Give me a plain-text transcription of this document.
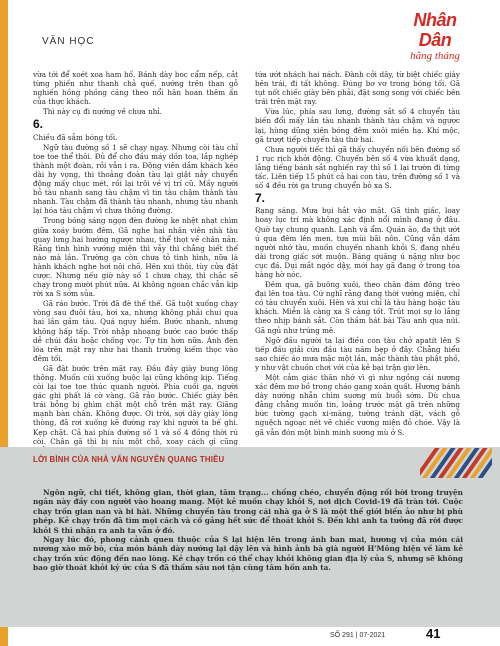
VĂN HỌC
Nhân Dân
hằng tháng

vừa tới để xoét xoa ham hố. Bánh dày boc cẩm nếp, cắt từng phiến như thanh chả quế, nướng trên than gỗ nghiến hồng phồng căng theo nổi hân hoan thêm ấn của thực khách.

Thì này cụ đi nướng về chưa nhỉ.

6.

Chiều đã sẫm bóng tối.

Ngữ tàu đường số 1 sẽ chạy ngay. Nhưng còi tàu chỉ toe toe thể thôi. Đủ để cho đầu máy dồn toa, lắp nghép thành một đoàn, rồi vẫn i ra. Động viên dắm khách kéo dài hy vọng, thi thoảng đoàn tàu lại giật nảy chuyển động mấy chục mét, rồi lại trôi về vị trí cũ. Mấy người bỏ tàu nhanh sang tàu chậm vì tin tàu chậm thành tàu nhanh. Tàu chậm đã thành tàu nhanh, nhưng tàu nhanh lại hóa tàu chậm vì chưa thông đường.

Trong bóng sáng ngọn đèn đường ke nhệt nhạt chìm giữa xoáy bướm đêm. Gã nghe hai nhân viên nhà tàu quay lưng hai hướng ngược nhau, thể thọt về chân nản. Rằng tình hình vướng miện thì vẫy thì chẳng biết thế nào mà lần. Trường ga còn chưa tỏ tình hình, nữa là hành khách nghe hơi nôi chõ. Hên xui thôi, tùy cửa đặt cược. Nhưng nếu giờ này số 1 chưa chạy, thì chắc sẽ chạy trong mười phút nữa. Ai không ngoan chắc vẫn kịp rời xa S sớm sủa.

Gã ráo bước. Trời đã đè thế thế. Gã tuột xuống chạy vòng sau đuôi tàu, hơi xa, nhưng không phải chui qua hai lần gầm tàu. Quá nguy hiểm. Bước nhanh, nhưng không hấp tấp. Trời nhập nhoạng bước cao bước thấp dễ chúi đầu hoặc chống vọc. Tự tin hơn nữa. Ánh đèn lóa trên mặt ray như hai thanh trường kiếm thọc vào đêm tối.

Gã đặt bước trên mặt ray. Đầu đầy giày bung lông thông. Muốn cúi xuống buộc lại cũng không kịp. Tiếng còi lại toe toe thúc quanh người. Phía cuối ga, người gác ghi phất lá cờ vàng. Gã rảo bước. Chiếc giày bên trái bỗng bị ghìm chặt một chỗ trên mặt ray. Giãng mạnh bàn chân. Không được. Ơi trời, sợi dây giày lòng thòng, đã rơi xuống kẽ đường ray khi người ta bế ghi. Kẹp chặt. Cả hai phía đường số 1 và số 4 đồng thời rú còi. Chân gã thì bị níu một chỗ, xoay cách gì cũng

tứa ướt nhách hai nách. Đành cởi dây, từ biệt chiếc giày bên trái, đi tất không. Đúng bơ vơ trong bóng tối. Gã tụt nốt chiếc giày bên phải, đặt song song với chiếc bên trái trên mặt ray.

Vừa lúc, phía sau lưng, đường sắt số 4 chuyển tàu biến đổi mấy lần tàu nhanh thành tàu chậm và ngược lại, hùng dũng xiên bóng đêm xuôi miền hạ. Khí mộc, gã trượt tiếp chuyến tàu thứ hai.

Chưa người tiếc thì gã thấy chuyến nối bên đường số 1 rục rịch khởi động. Chuyến bên số 4 vừa khuất dạng, lắng tiếng bánh sắt nghiến ray thì số 1 lại trườn đi từng tấc. Liên tiếp 15 phút cả hai con tàu, trên đường số 1 và số 4 đều rời ga trung chuyển bỏ xa S.

7.

Rạng sáng. Mưa bụi hắt vào mặt. Gã tinh giấc, loay hoay lục trí mà không xác định nổi mình đang ở đâu. Quờ tay chung quanh. Lạnh và ẩm. Quán ăo, đa thịt ướt ú qua đêm lên men, tựa mùi bãi nôn. Cũng vẫn dắm người nhớ tàu, muốn chuyến nhanh khỏi S, đang nhều dài trong giấc sớt muộn. Băng quăng ú nặng như bọc cục đá. Dụi mắt ngóc dậy, mới hay gã đang ở trong toa hàng hờ nóc.

Đêm qua, gã buông xuôi, theo chân đám đông trèo đại lên toa tàu. Cứ nghĩ rằng đang thời vướng miện, chỉ có tàu chuyển xuôi. Hên và xui chỉ là tàu hàng hoặc tàu khách. Miễn là càng xa S càng tốt. Trút mọi sự lo lắng theo nhịp bánh sắt. Còn thầm hát bài Tàu anh qua núi. Gã ngủ như trúng mê.

Ngỡ đầu người ta lại điều con tàu chở apatít lên S tiếp đầu giải cứu đầu tàu năm bẹp ở đây. Chẳng hiểu sao chiếc áo mưa mặc một lần, mắc thành tàu phật phồ, y như vật chuồn chơi với của kẻ bại trận giơ lên.

Một cảm giác thân nhớ vì gì như ngồng cái nương xác đêm mơ bồ trong cháo gang xoăn quất. Hương bánh dày nướng nhẵn chìm suơng mù buổi sớm. Dù chua đằng chẳng muốn tin, loảng trước mặt gã trên những bức tường gạch xi-măng, tường tránh dặt, vách gỗ nguệch ngoạc nét vẽ chiếc vương miện đỏ chóe. Vậy là gã vẫn đón một bình minh sương mù ở S.

LỜI BÌNH CỦA NHÀ VĂN NGUYỄN QUANG THIỀU

Ngôn ngữ, chi tiết, không gian, thời gian, tâm trạng... chống chéo, chuyển động rối bời trong truyện ngắn này đầy con người vào hoang mang. Một kẻ muốn chạy khỏi S, nơi dịch Covid-19 đã tràn tới. Cuộc chạy trốn gian nan và bi hài. Những chuyến tàu trong cái nhà ga ở S là một thế giới biến ảo như bị phù phép. Kẻ chạy trốn đã tìm mọi cách và cố gắng hết sức để thoát khỏi S. Đến khi anh ta tưởng đã rời được khỏi S thì nhận ra anh ta vẫn ở đó.

Ngay lúc đó, phong cảnh quen thuộc của S lại hiện lên trong ánh ban mai, hương vị của món cái nương xào mỡ bò, của món bánh dày nướng lại dậy lên và hình ảnh bà già người H'Mông hiện về làm kẻ chạy trốn xúc động đến nao lòng. Kẻ chạy trốn có thể chạy khỏi không gian địa lý của S, nhưng sẽ không bao giờ thoát khỏi ký ức của S đã thấm sâu nơi tận cùng tâm hồn anh ta.

SỐ 291 | 07-2021	41
